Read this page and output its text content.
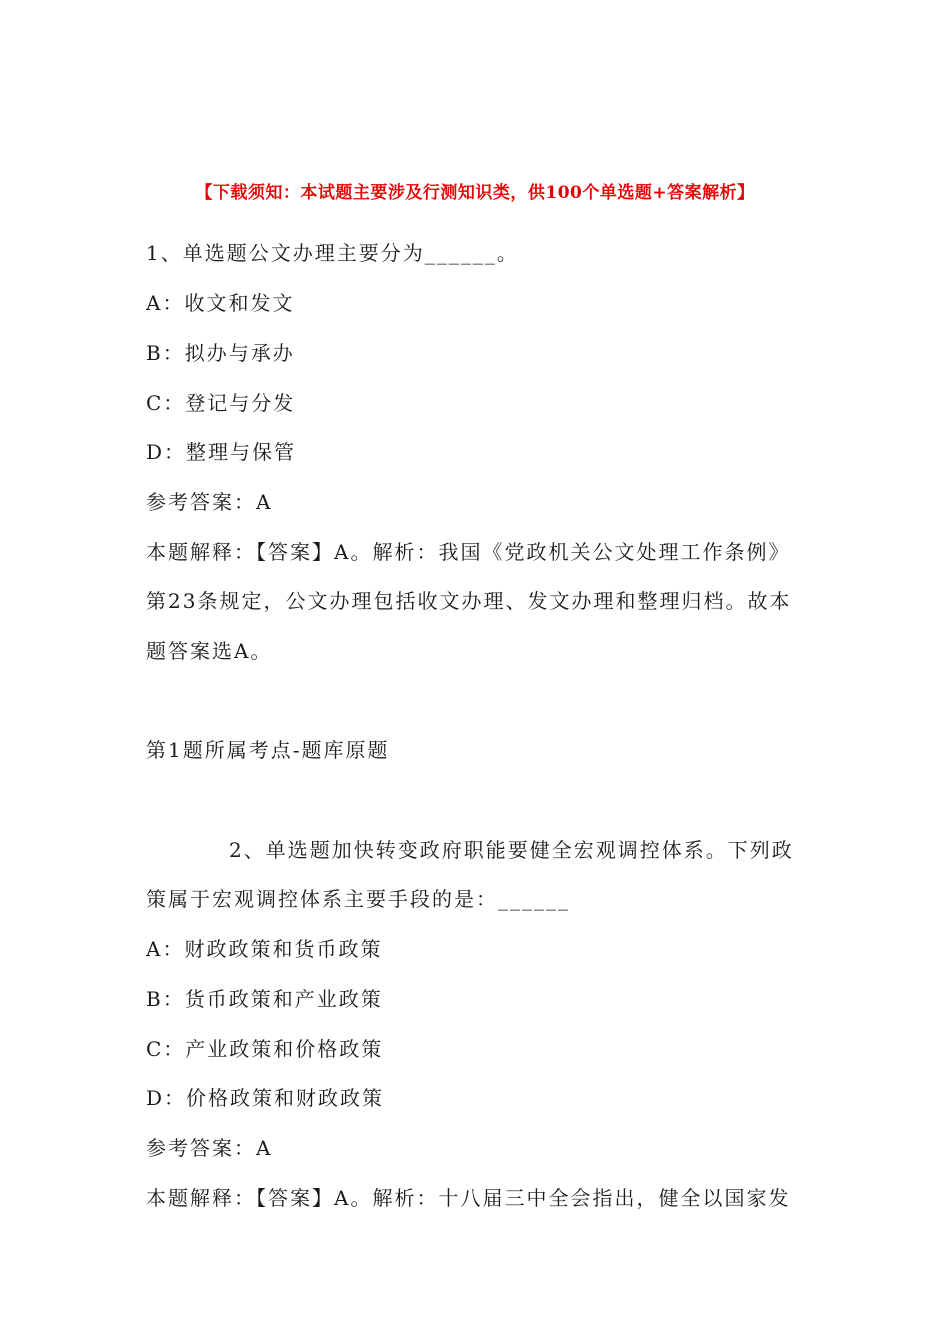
【下载须知：本试题主要涉及行测知识类，供100个单选题+答案解析】
1、单选题公文办理主要分为______。
A：收文和发文
B：拟办与承办
C：登记与分发
D：整理与保管
参考答案：A
本题解释：【答案】A。解析：我国《党政机关公文处理工作条例》
第23条规定，公文办理包括收文办理、发文办理和整理归档。故本
题答案选A。
第1题所属考点-题库原题
2、单选题加快转变政府职能要健全宏观调控体系。下列政
策属于宏观调控体系主要手段的是：______
A：财政政策和货币政策
B：货币政策和产业政策
C：产业政策和价格政策
D：价格政策和财政政策
参考答案：A
本题解释：【答案】A。解析：十八届三中全会指出，健全以国家发
